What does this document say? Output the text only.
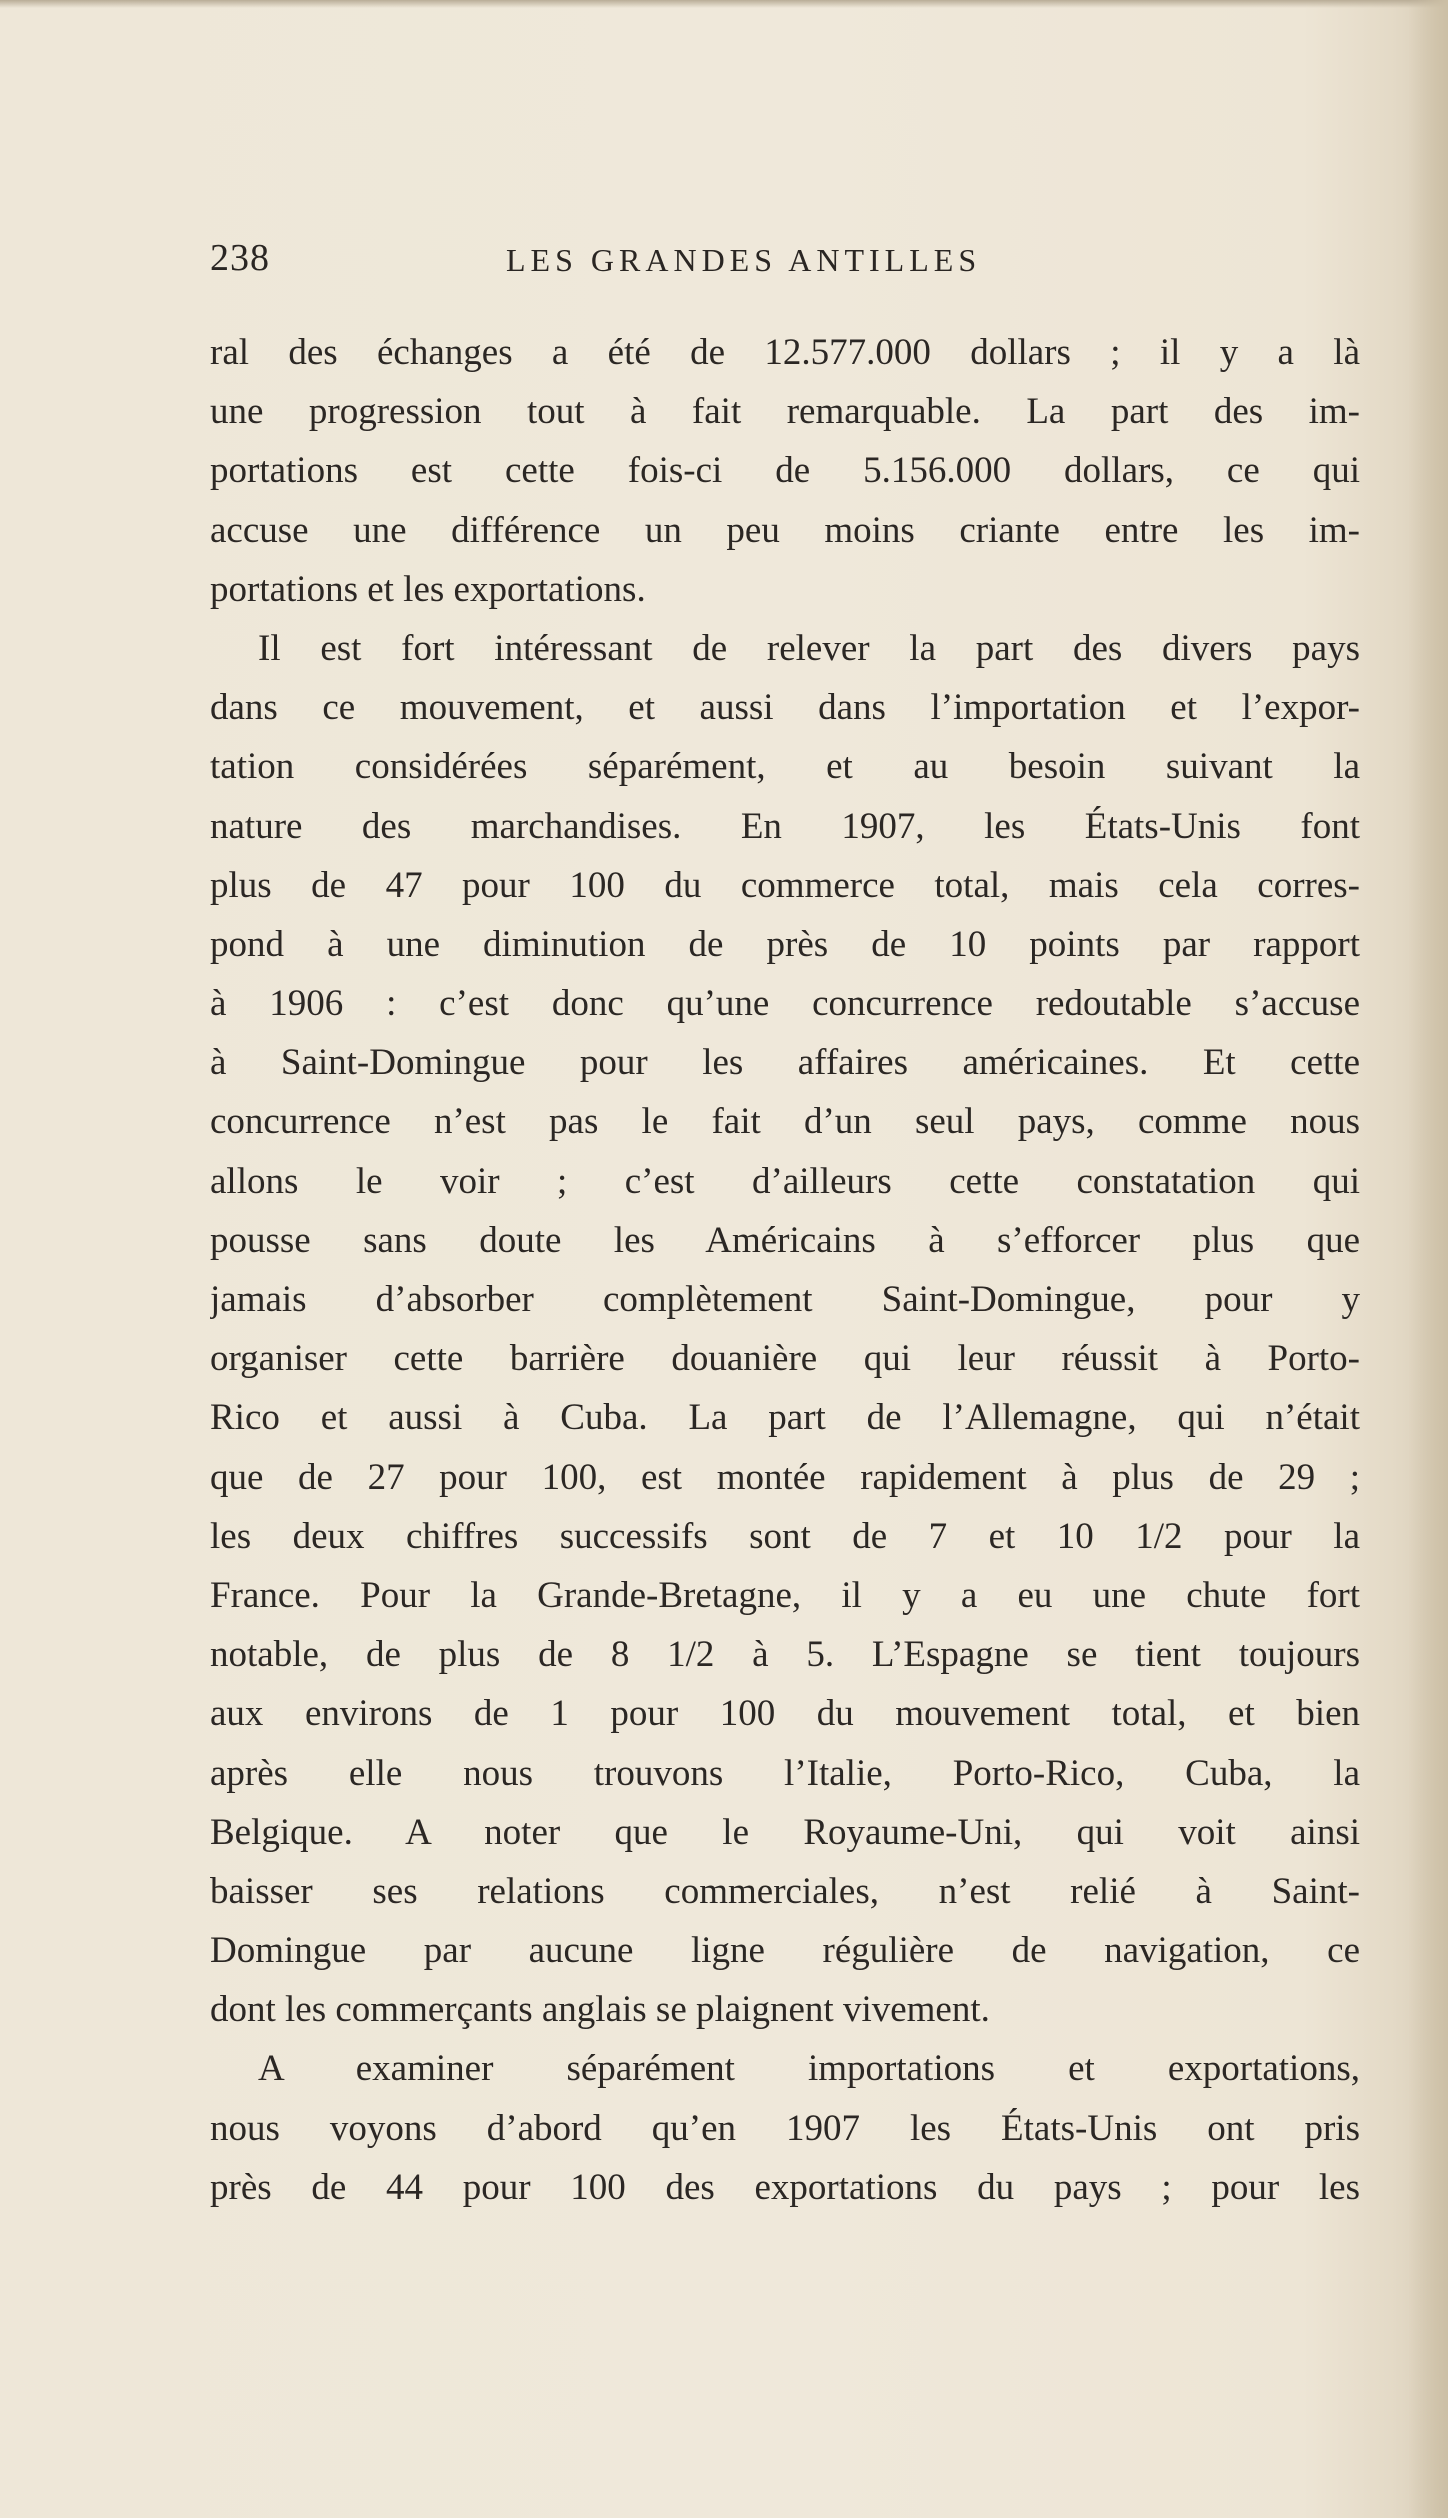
238	LES GRANDES ANTILLES
ral des échanges a été de 12.577.000 dollars ; il y a là
une progression tout à fait remarquable. La part des im-
portations est cette fois-ci de 5.156.000 dollars, ce qui
accuse une différence un peu moins criante entre les im-
portations et les exportations.
Il est fort intéressant de relever la part des divers pays
dans ce mouvement, et aussi dans l’importation et l’expor-
tation considérées séparément, et au besoin suivant la
nature des marchandises. En 1907, les États-Unis font
plus de 47 pour 100 du commerce total, mais cela corres-
pond à une diminution de près de 10 points par rapport
à 1906 : c’est donc qu’une concurrence redoutable s’accuse
à Saint-Domingue pour les affaires américaines. Et cette
concurrence n’est pas le fait d’un seul pays, comme nous
allons le voir ; c’est d’ailleurs cette constatation qui
pousse sans doute les Américains à s’efforcer plus que
jamais d’absorber complètement Saint-Domingue, pour y
organiser cette barrière douanière qui leur réussit à Porto-
Rico et aussi à Cuba. La part de l’Allemagne, qui n’était
que de 27 pour 100, est montée rapidement à plus de 29 ;
les deux chiffres successifs sont de 7 et 10 1/2 pour la
France. Pour la Grande-Bretagne, il y a eu une chute fort
notable, de plus de 8 1/2 à 5. L’Espagne se tient toujours
aux environs de 1 pour 100 du mouvement total, et bien
après elle nous trouvons l’Italie, Porto-Rico, Cuba, la
Belgique. A noter que le Royaume-Uni, qui voit ainsi
baisser ses relations commerciales, n’est relié à Saint-
Domingue par aucune ligne régulière de navigation, ce
dont les commerçants anglais se plaignent vivement.
A examiner séparément importations et exportations,
nous voyons d’abord qu’en 1907 les États-Unis ont pris
près de 44 pour 100 des exportations du pays ; pour les
